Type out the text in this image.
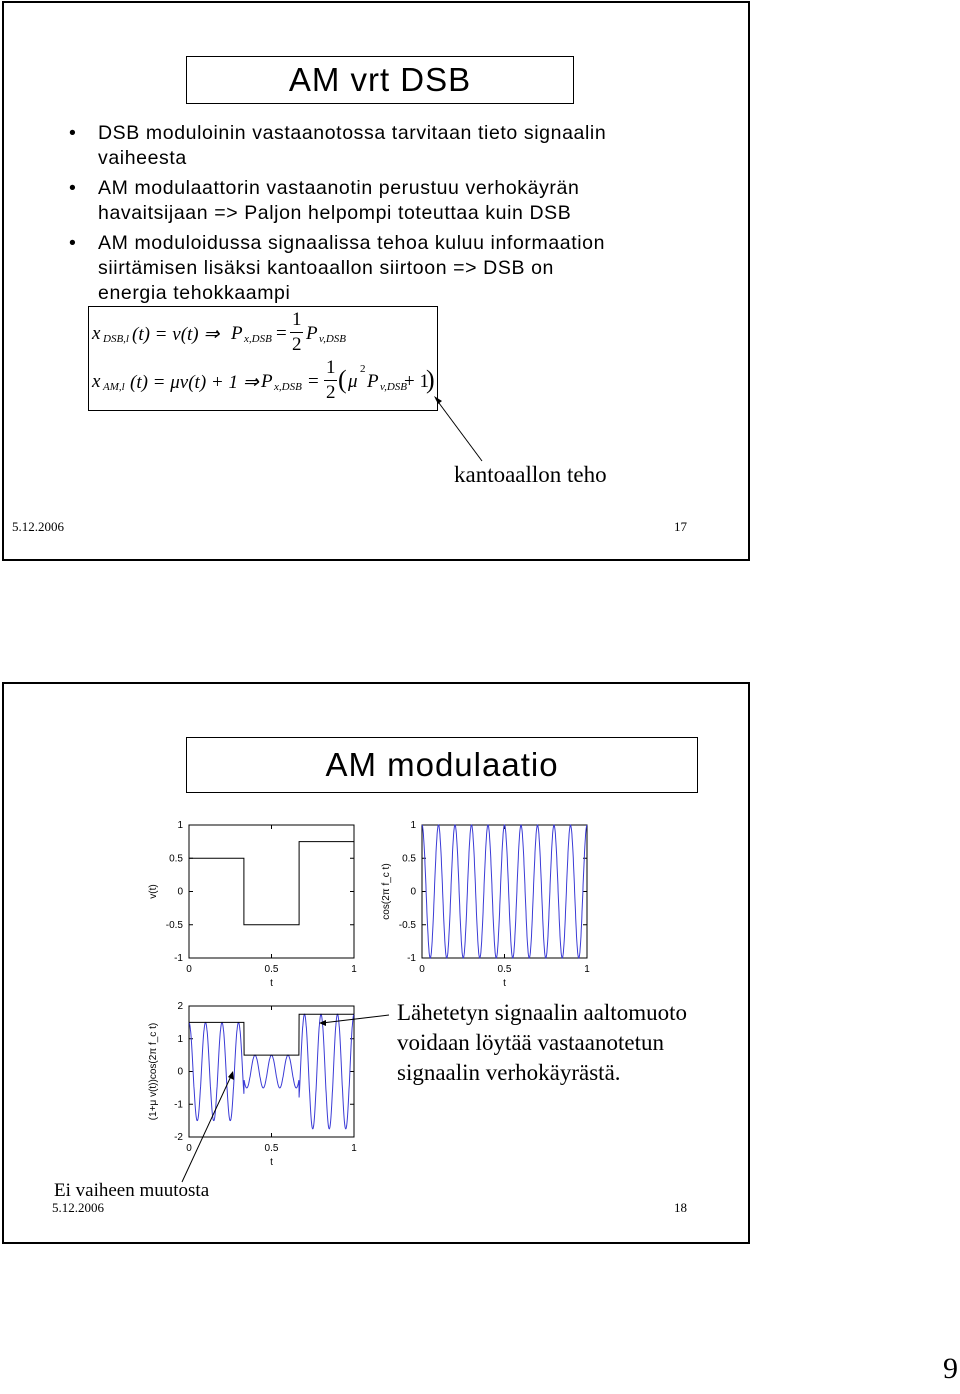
AM vrt DSB
• DSB moduloinin vastaanotossa tarvitaan tieto signaalin
vaiheesta
• AM modulaattorin vastaanotin perustuu verhokäyrän
havaitsijaan => Paljon helpompi toteuttaa kuin DSB
• AM moduloidussa signaalissa tehoa kuluu informaation
siirtämisen lisäksi kantoaallon siirtoon => DSB on
energia tehokkaampi
x DSB,l (t) = v(t) ⇒ P x,DSB =
1
2
P v,DSB
x AM,l (t) = μv(t) + 1 ⇒ P x,DSB =
1
2 ( μ
2
P v,DSB
+ 1
)
kantoaallon teho
5.12.2006	17
AM modulaatio
-1
-0.5
0
0.5
1
0	0.5	1
t
v(t)
-1
-0.5
0
0.5
1
0	0.5	1
t
cos(2π f_c t)
-2
-1
0
1
2
0	0.5	1
t
(1+μ v(t))cos(2π f_c t)
Lähetetyn signaalin aaltomuoto
voidaan löytää vastaanotetun
signaalin verhokäyrästä.
Ei vaiheen muutosta
5.12.2006	18
9
